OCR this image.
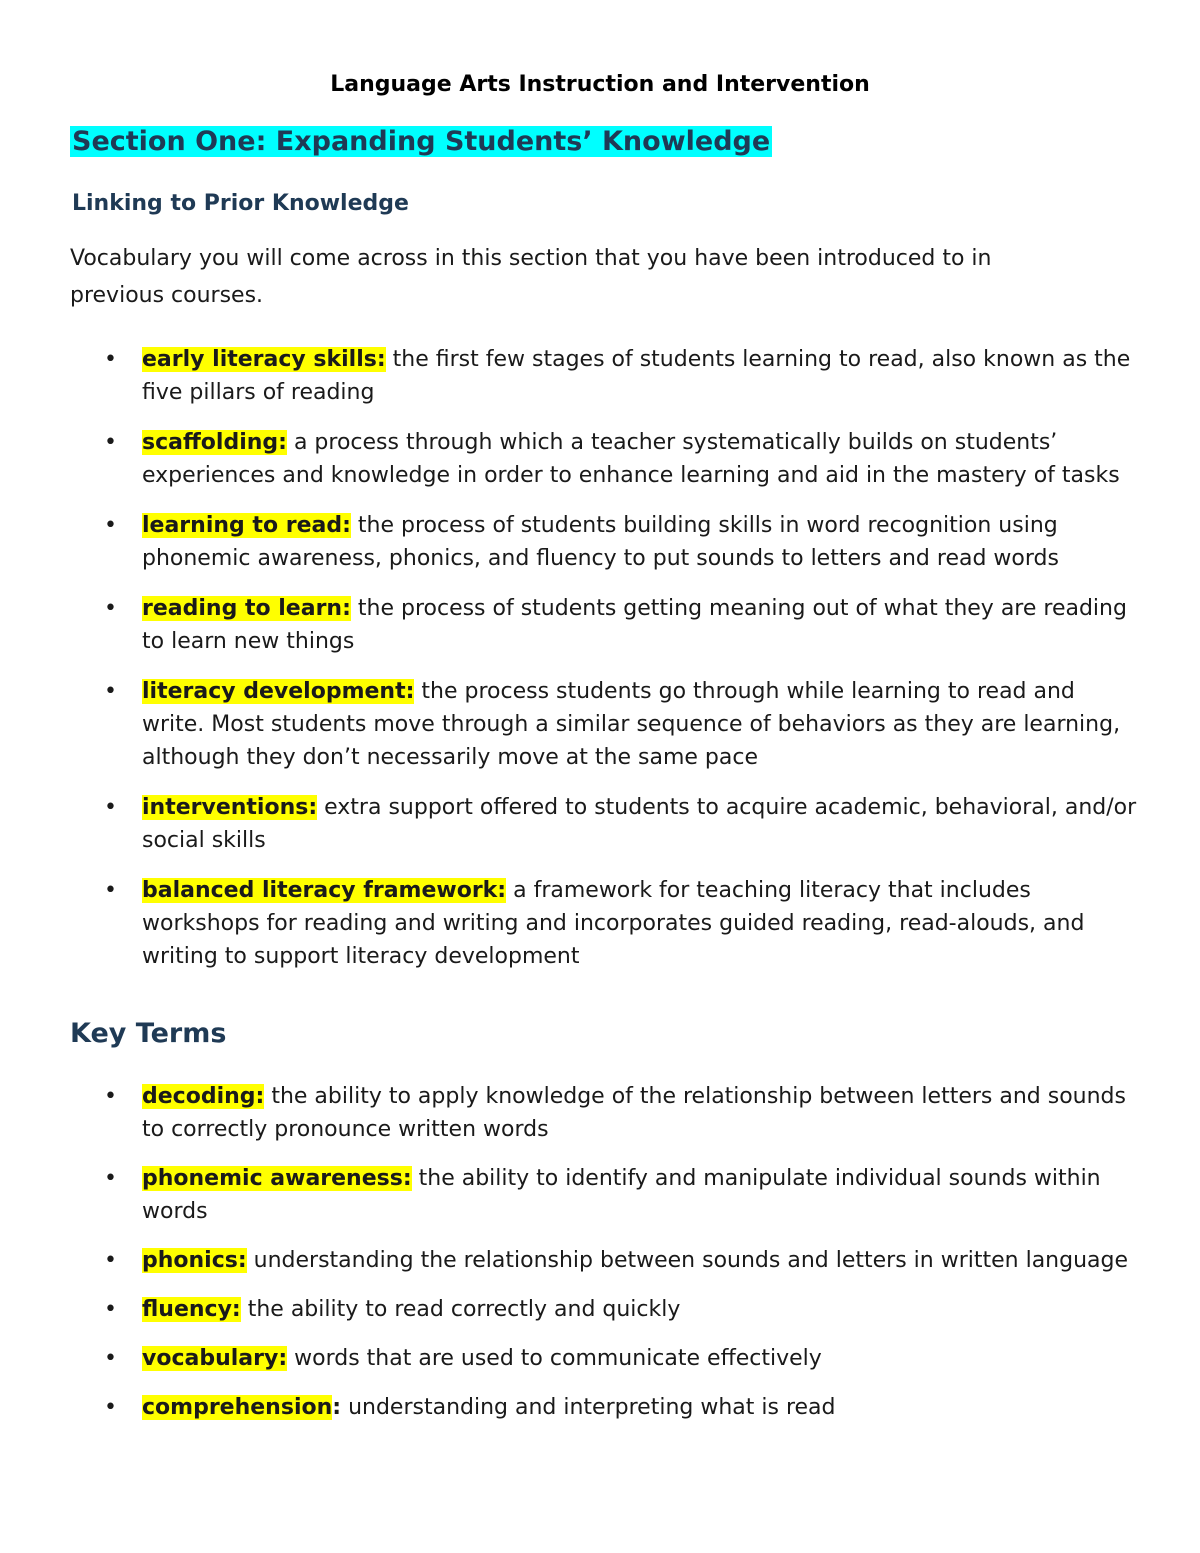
Language Arts Instruction and Intervention
Section One: Expanding Students’ Knowledge
Linking to Prior Knowledge
Vocabulary you will come across in this section that you have been introduced to in previous courses.
• early literacy skills: the first few stages of students learning to read, also known as the five pillars of reading
• scaffolding: a process through which a teacher systematically builds on students’ experiences and knowledge in order to enhance learning and aid in the mastery of tasks
• learning to read: the process of students building skills in word recognition using phonemic awareness, phonics, and fluency to put sounds to letters and read words
• reading to learn: the process of students getting meaning out of what they are reading to learn new things
• literacy development: the process students go through while learning to read and write. Most students move through a similar sequence of behaviors as they are learning, although they don’t necessarily move at the same pace
• interventions: extra support offered to students to acquire academic, behavioral, and/or social skills
• balanced literacy framework: a framework for teaching literacy that includes workshops for reading and writing and incorporates guided reading, read-alouds, and writing to support literacy development
Key Terms
• decoding: the ability to apply knowledge of the relationship between letters and sounds to correctly pronounce written words
• phonemic awareness: the ability to identify and manipulate individual sounds within words
• phonics: understanding the relationship between sounds and letters in written language
• fluency: the ability to read correctly and quickly
• vocabulary: words that are used to communicate effectively
• comprehension: understanding and interpreting what is read
